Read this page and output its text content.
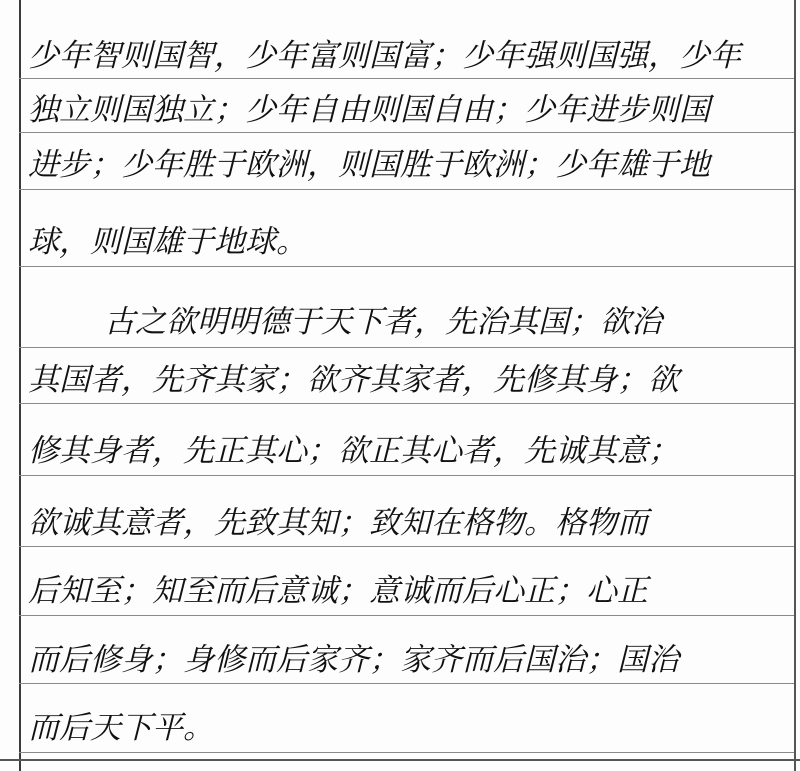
少年智则国智，少年富则国富；少年强则国强，少年
独立则国独立；少年自由则国自由；少年进步则国
进步；少年胜于欧洲，则国胜于欧洲；少年雄于地
球，则国雄于地球。
古之欲明明德于天下者，先治其国；欲治
其国者，先齐其家；欲齐其家者，先修其身；欲
修其身者，先正其心；欲正其心者，先诚其意；
欲诚其意者，先致其知；致知在格物。格物而
后知至；知至而后意诚；意诚而后心正；心正
而后修身；身修而后家齐；家齐而后国治；国治
而后天下平。
